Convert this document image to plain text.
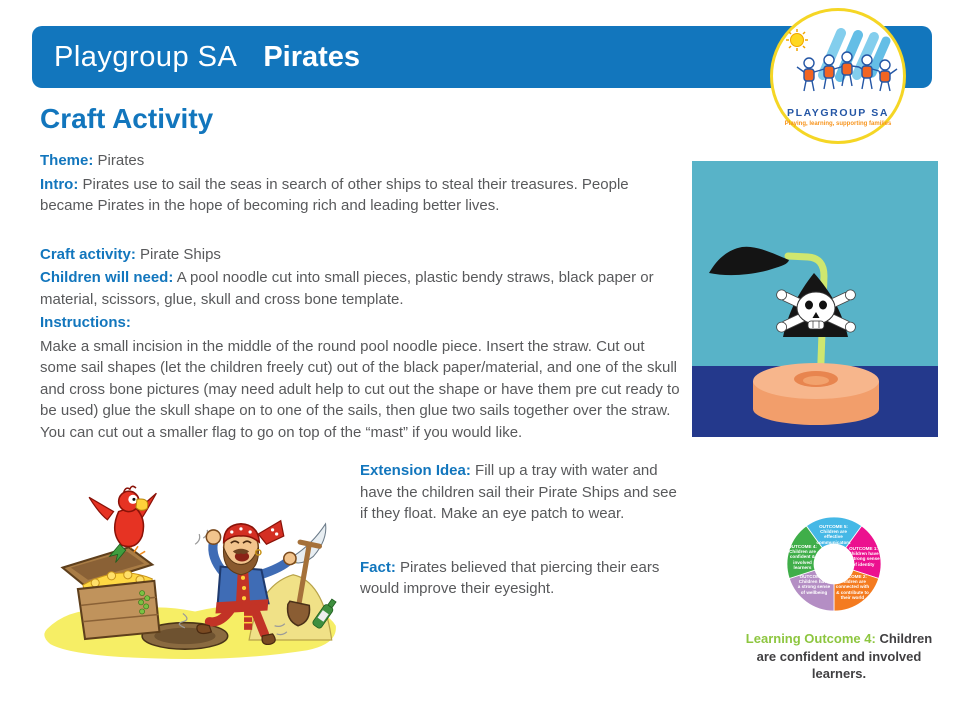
Playgroup SA Pirates
PLAYGROUP SA
Playing, learning, supporting families
Craft Activity

Theme: Pirates

Intro: Pirates use to sail the seas in search of other ships to steal their treasures. People became Pirates in the hope of becoming rich and leading better lives.

Craft activity: Pirate Ships

Children will need: A pool noodle cut into small pieces, plastic bendy straws, black paper or material, scissors, glue, skull and cross bone template.

Instructions:

Make a small incision in the middle of the round pool noodle piece. Insert the straw. Cut out some sail shapes (let the children freely cut) out of the black paper/material, and one of the skull and cross bone pictures (may need adult help to cut out the shape or have them pre cut ready to be used) glue the skull shape on to one of the sails, then glue two sails together over the straw. You can cut out a smaller flag to go on top of the “mast” if you would like.

Extension Idea: Fill up a tray with water and have the children sail their Pirate Ships and see if they float. Make an eye patch to wear.

Fact: Pirates believed that piercing their ears would improve their eyesight.

OUTCOME 5: Children are effective communicators
OUTCOME 1: Children have a strong sense of identity
OUTCOME 2: Children are connected with & contribute to their world
OUTCOME 3: Children have a strong sense of wellbeing
OUTCOME 4: Children are confident & involved learners
Learning Outcome 4: Children are confident and involved learners.
